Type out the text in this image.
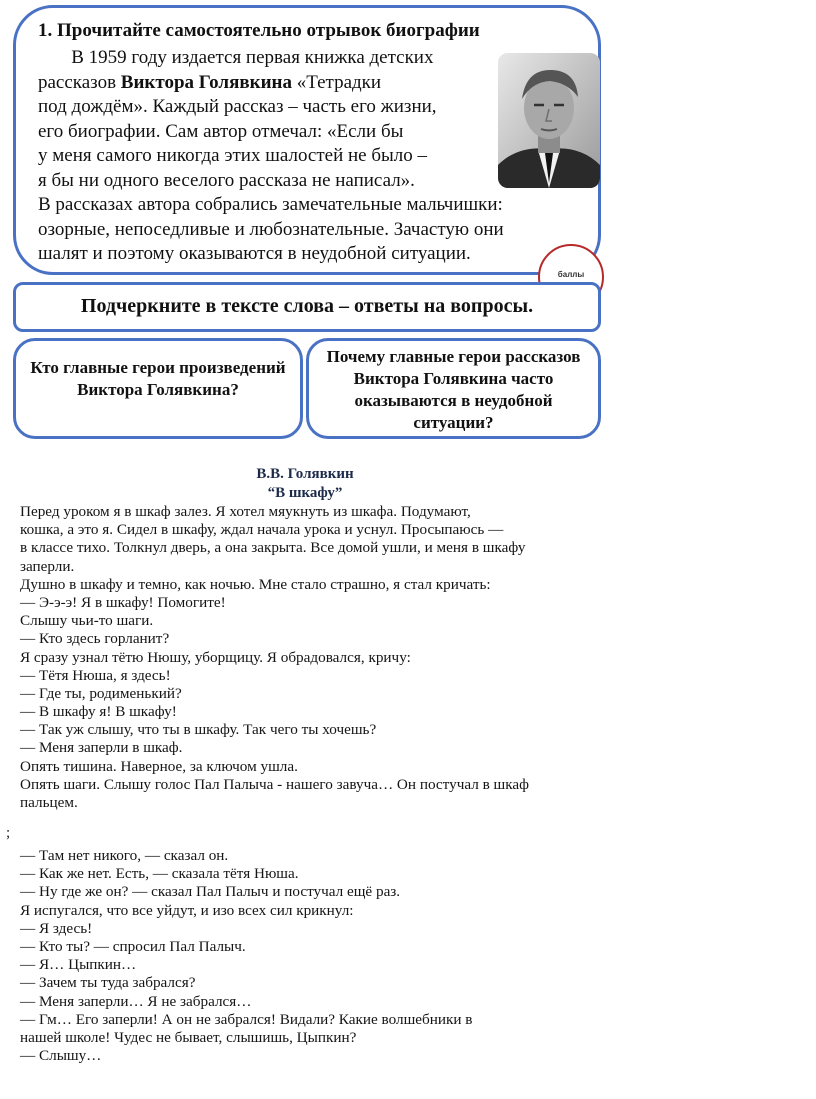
1. Прочитайте самостоятельно отрывок биографии
В 1959 году издается первая книжка детских
рассказов Виктора Голявкина «Тетрадки
под дождём». Каждый рассказ – часть его жизни,
его биографии. Сам автор отмечал: «Если бы
у меня самого никогда этих шалостей не было –
я бы ни одного веселого рассказа не написал».
В рассказах автора собрались замечательные мальчишки:
озорные, непоседливые и любознательные. Зачастую они
шалят и поэтому оказываются в неудобной ситуации.
баллы
Подчеркните в тексте слова – ответы на вопросы.
Кто главные герои произведений Виктора Голявкина?
Почему главные герои рассказов Виктора Голявкина часто оказываются в неудобной ситуации?
В.В. Голявкин
“В шкафу”
Перед уроком я в шкаф залез. Я хотел мяукнуть из шкафа. Подумают,
кошка, а это я. Сидел в шкафу, ждал начала урока и уснул. Просыпаюсь —
в классе тихо. Толкнул дверь, а она закрыта. Все домой ушли, и меня в шкафу
заперли.
Душно в шкафу и темно, как ночью. Мне стало страшно, я стал кричать:
— Э-э-э! Я в шкафу! Помогите!
Слышу чьи-то шаги.
— Кто здесь горланит?
Я сразу узнал тётю Нюшу, уборщицу. Я обрадовался, кричу:
— Тётя Нюша, я здесь!
— Где ты, родименький?
— В шкафу я! В шкафу!
— Так уж слышу, что ты в шкафу. Так чего ты хочешь?
— Меня заперли в шкаф.
Опять тишина. Наверное, за ключом ушла.
Опять шаги. Слышу голос Пал Палыча - нашего завуча… Он постучал в шкаф
пальцем.
;
— Там нет никого, — сказал он.
— Как же нет. Есть, — сказала тётя Нюша.
— Ну где же он? — сказал Пал Палыч и постучал ещё раз.
Я испугался, что все уйдут, и изо всех сил крикнул:
— Я здесь!
— Кто ты? — спросил Пал Палыч.
— Я… Цыпкин…
— Зачем ты туда забрался?
— Меня заперли… Я не забрался…
— Гм… Его заперли! А он не забрался! Видали? Какие волшебники в
нашей школе! Чудес не бывает, слышишь, Цыпкин?
— Слышу…
